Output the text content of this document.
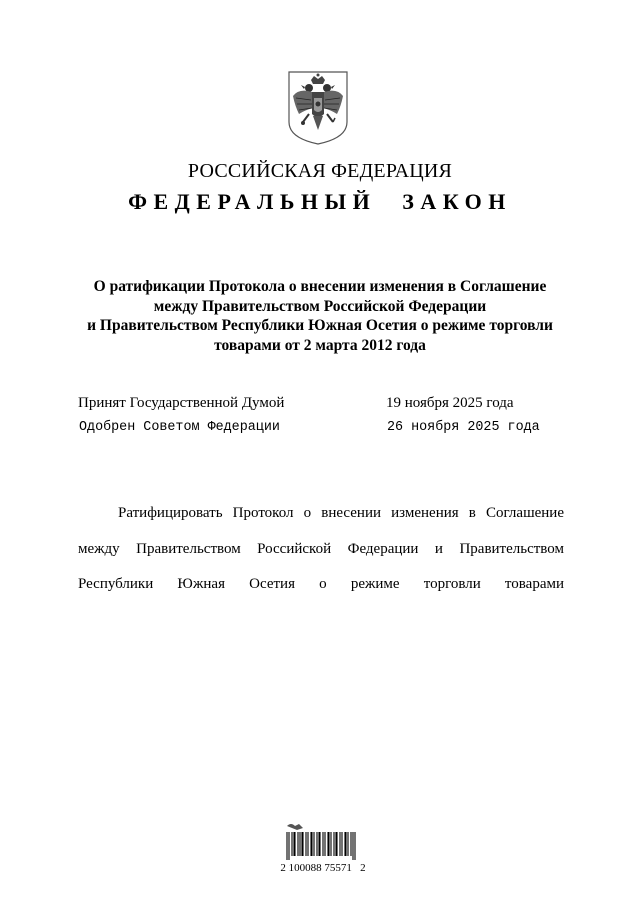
РОССИЙСКАЯ ФЕДЕРАЦИЯ
ФЕДЕРАЛЬНЫЙ ЗАКОН
О ратификации Протокола о внесении изменения в Соглашение
между Правительством Российской Федерации
и Правительством Республики Южная Осетия о режиме торговли
товарами от 2 марта 2012 года
Принят Государственной Думой	19 ноября 2025 года
Одобрен Советом Федерации	26 ноября 2025 года
Ратифицировать Протокол о внесении изменения в Соглашение
между Правительством Российской Федерации и Правительством
Республики Южная Осетия о режиме торговли товарами
2 100088 75571   2
